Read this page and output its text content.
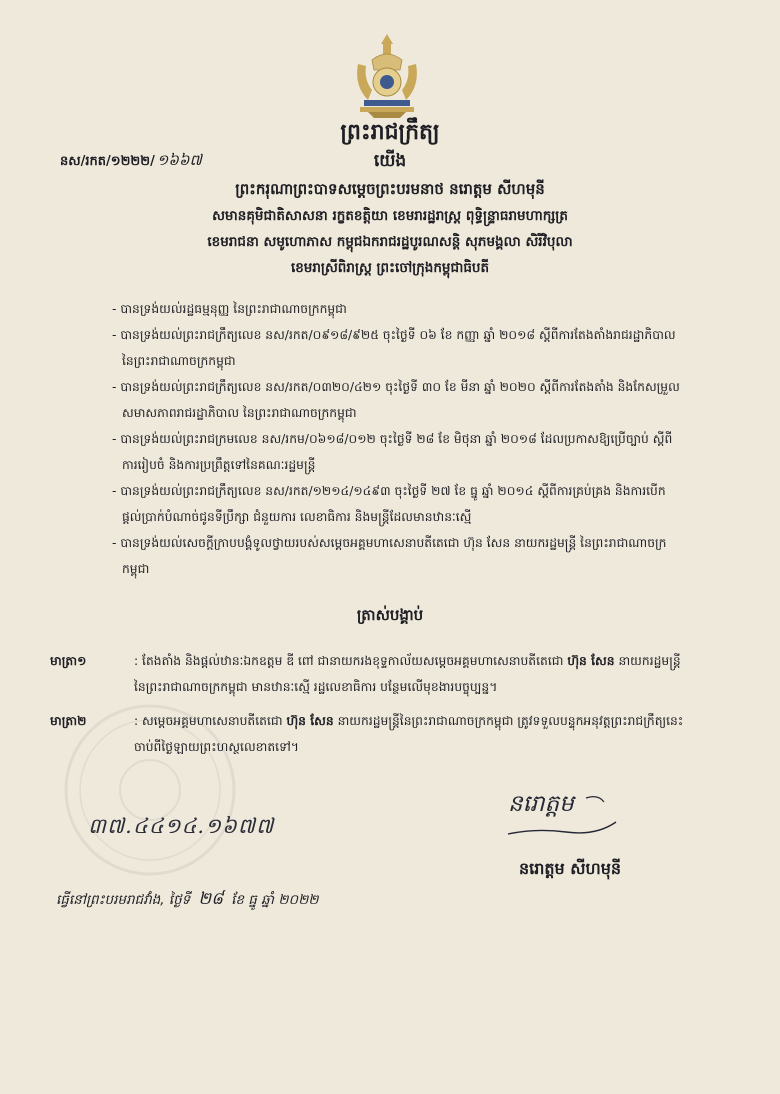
ព្រះរាជក្រឹត្យ
នស/រកត/១២២២/ ១៦៦៧	យើង
ព្រះករុណាព្រះបាទសម្តេចព្រះបរមនាថ នរោត្តម សីហមុនី
សមានគុមិជាតិសាសនា រក្ខតខត្តិយា ខេមរារដ្ឋរាស្ត្រ ពុទ្ធិន្ទ្រាធរាមហាក្សត្រ
ខេមរាជនា សមូហោភាស កម្ពុជឯករាជរដ្ឋបូរណសន្តិ សុភមង្គលា សិរីវិបុលា
ខេមរាស្រីពិរាស្ត្រ ព្រះចៅក្រុងកម្ពុជាធិបតី

- បានទ្រង់យល់រដ្ឋធម្មនុញ្ញ នៃព្រះរាជាណាចក្រកម្ពុជា

- បានទ្រង់យល់ព្រះរាជក្រឹត្យលេខ នស/រកត/០៩១៨/៩២៥ ចុះថ្ងៃទី ០៦ ខែ កញ្ញា ឆ្នាំ ២០១៨ ស្តីពីការតែងតាំងរាជរដ្ឋាភិបាល នៃព្រះរាជាណាចក្រកម្ពុជា

- បានទ្រង់យល់ព្រះរាជក្រឹត្យលេខ នស/រកត/០៣២០/៤២១ ចុះថ្ងៃទី ៣០ ខែ មីនា ឆ្នាំ ២០២០ ស្តីពីការតែងតាំង និងកែសម្រួលសមាសភាពរាជរដ្ឋាភិបាល នៃព្រះរាជាណាចក្រកម្ពុជា

- បានទ្រង់យល់ព្រះរាជក្រមលេខ នស/រកម/០៦១៨/០១២ ចុះថ្ងៃទី ២៨ ខែ មិថុនា ឆ្នាំ ២០១៨ ដែលប្រកាសឱ្យប្រើច្បាប់ ស្តីពីការរៀបចំ និងការប្រព្រឹត្តទៅនៃគណៈរដ្ឋមន្ត្រី

- បានទ្រង់យល់ព្រះរាជក្រឹត្យលេខ នស/រកត/១២១៤/១៤៩៣ ចុះថ្ងៃទី ២៧ ខែ ធ្នូ ឆ្នាំ ២០១៤ ស្តីពីការគ្រប់គ្រង និងការបើកផ្តល់ប្រាក់បំណាច់ជូនទីប្រឹក្សា ជំនួយការ លេខាធិការ និងមន្ត្រីដែលមានឋានៈស្មើ

- បានទ្រង់យល់សេចក្តីក្រាបបង្គំទូលថ្វាយរបស់សម្តេចអគ្គមហាសេនាបតីតេជោ ហ៊ុន សែន នាយករដ្ឋមន្ត្រី នៃព្រះរាជាណាចក្រកម្ពុជា

ត្រាស់បង្គាប់
មាត្រា១	: តែងតាំង និងផ្តល់ឋានៈឯកឧត្តម ឌី ពៅ ជានាយករងខុទ្ទកាល័យសម្តេចអគ្គមហាសេនាបតីតេជោ ហ៊ុន សែន នាយករដ្ឋមន្ត្រីនៃព្រះរាជាណាចក្រកម្ពុជា មានឋានៈស្មើ រដ្ឋលេខាធិការ បន្ថែមលើមុខងារបច្ចុប្បន្ន។
មាត្រា២	: សម្តេចអគ្គមហាសេនាបតីតេជោ ហ៊ុន សែន នាយករដ្ឋមន្ត្រីនៃព្រះរាជាណាចក្រកម្ពុជា ត្រូវទទួលបន្ទុកអនុវត្តព្រះរាជក្រឹត្យនេះ ចាប់ពីថ្ងៃឡាយព្រះហស្ថលេខាតទៅ។
៣៧.៤៤១៤.១៦៧៧
នរោត្តម
នរោត្តម សីហមុនី
ធ្វើនៅព្រះបរមរាជវាំង, ថ្ងៃទី ២៨ ខែ ធ្នូ ឆ្នាំ ២០២២
